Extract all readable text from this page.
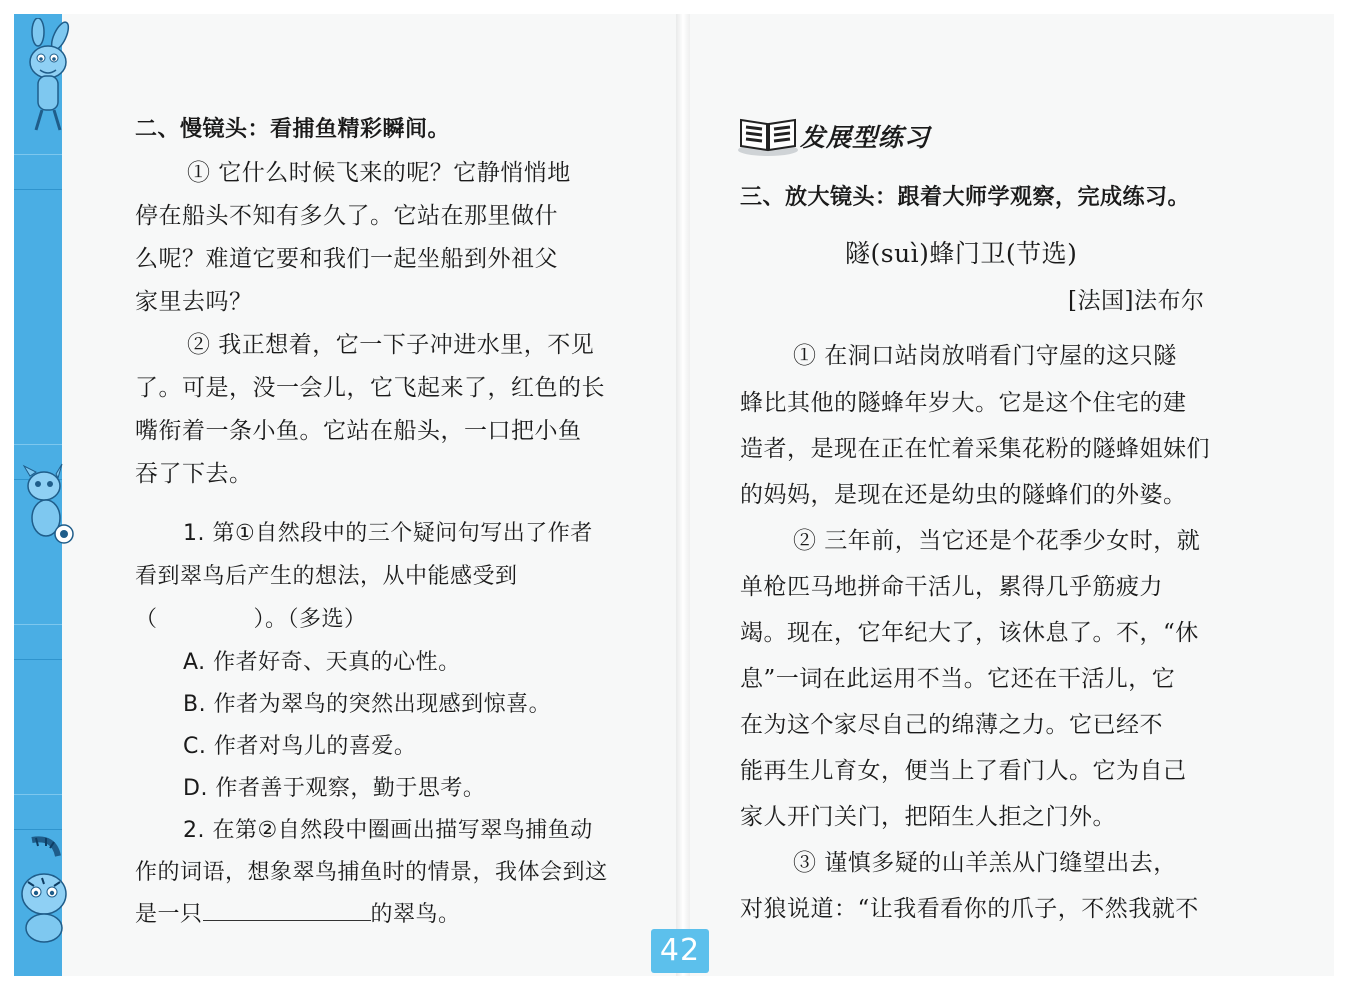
二、慢镜头：看捕鱼精彩瞬间。
① 它什么时候飞来的呢？它静悄悄地
停在船头不知有多久了。它站在那里做什
么呢？难道它要和我们一起坐船到外祖父
家里去吗？
② 我正想着，它一下子冲进水里，不见
了。可是，没一会儿，它飞起来了，红色的长
嘴衔着一条小鱼。它站在船头，一口把小鱼
吞了下去。
1. 第①自然段中的三个疑问句写出了作者
看到翠鸟后产生的想法，从中能感受到
（	）。（多选）
A. 作者好奇、天真的心性。
B. 作者为翠鸟的突然出现感到惊喜。
C. 作者对鸟儿的喜爱。
D. 作者善于观察，勤于思考。
2. 在第②自然段中圈画出描写翠鸟捕鱼动
作的词语，想象翠鸟捕鱼时的情景，我体会到这
是一只	的翠鸟。
发展型练习
三、放大镜头：跟着大师学观察，完成练习。
隧(suì)蜂门卫(节选)
[法国]法布尔
① 在洞口站岗放哨看门守屋的这只隧
蜂比其他的隧蜂年岁大。它是这个住宅的建
造者，是现在正在忙着采集花粉的隧蜂姐妹们
的妈妈，是现在还是幼虫的隧蜂们的外婆。
② 三年前，当它还是个花季少女时，就
单枪匹马地拼命干活儿，累得几乎筋疲力
竭。现在，它年纪大了，该休息了。不，“休
息”一词在此运用不当。它还在干活儿，它
在为这个家尽自己的绵薄之力。它已经不
能再生儿育女，便当上了看门人。它为自己
家人开门关门，把陌生人拒之门外。
③ 谨慎多疑的山羊羔从门缝望出去，
对狼说道：“让我看看你的爪子，不然我就不
42
